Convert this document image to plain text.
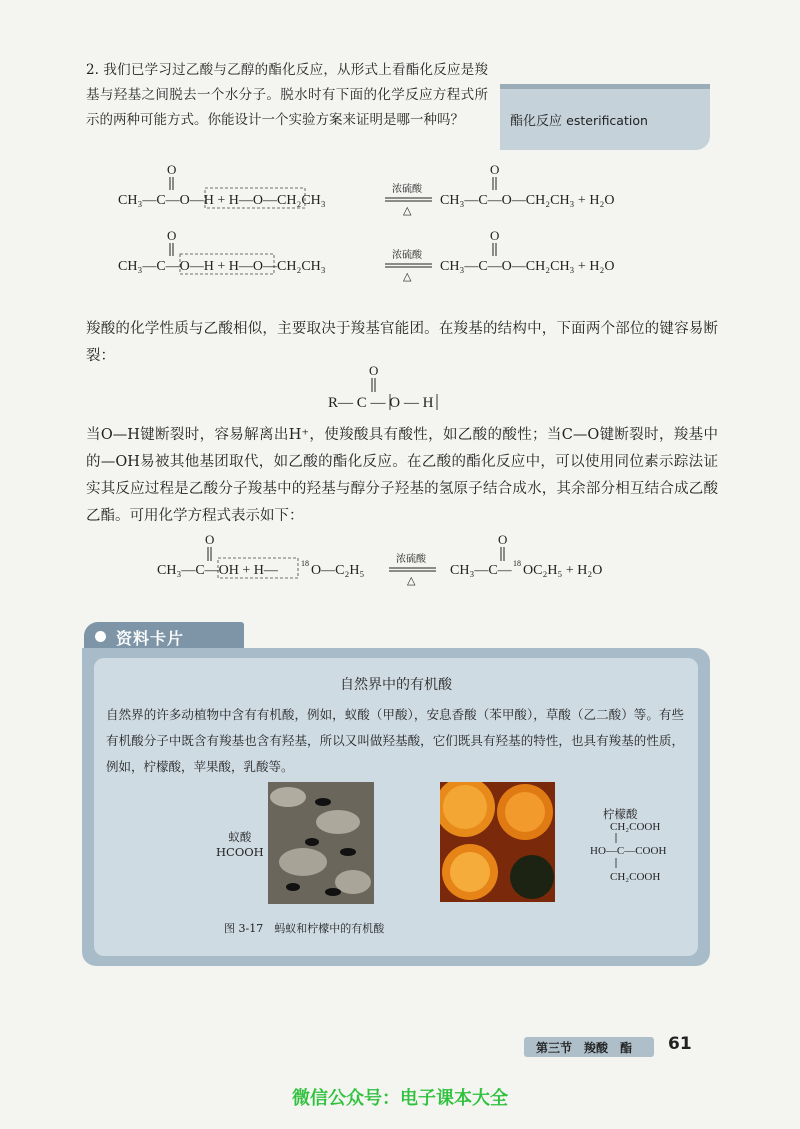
2. 我们已学习过乙酸与乙醇的酯化反应，从形式上看酯化反应是羧基与羟基之间脱去一个水分子。脱水时有下面的化学反应方程式所示的两种可能方式。你能设计一个实验方案来证明是哪一种吗？	酯化反应 esterification
O
CH₃—C—O—H + H—O—CH₂CH₃
浓硫酸
△
O
CH₃—C—O—CH₂CH₃ + H₂O
O
CH₃—C—O—H + H—O—CH₂CH₃
浓硫酸
△
O
CH₃—C—O—CH₂CH₃ + H₂O
O
R— C — O — H
O
CH₃—C—OH + H—	18 O—C₂H₅
浓硫酸
△
O
CH₃—C— 18 OC₂H₅ + H₂O
羧酸的化学性质与乙酸相似，主要取决于羧基官能团。在羧基的结构中，下面两个部位的键容易断裂：
当O—H键断裂时，容易解离出H⁺，使羧酸具有酸性，如乙酸的酸性；当C—O键断裂时，羧基中的—OH易被其他基团取代，如乙酸的酯化反应。在乙酸的酯化反应中，可以使用同位素示踪法证实其反应过程是乙酸分子羧基中的羟基与醇分子羟基的氢原子结合成水，其余部分相互结合成乙酸乙酯。可用化学方程式表示如下：
资料卡片
自然界中的有机酸
自然界的许多动植物中含有有机酸，例如，蚁酸（甲酸），安息香酸（苯甲酸），草酸（乙二酸）等。有些有机酸分子中既含有羧基也含有羟基，所以又叫做羟基酸，它们既具有羟基的特性，也具有羧基的性质，例如，柠檬酸，苹果酸，乳酸等。
蚁酸
HCOOH
柠檬酸
CH₂COOH
HO—C—COOH
CH₂COOH
图 3-17　蚂蚁和柠檬中的有机酸
第三节　羧酸　酯 61
微信公众号：电子课本大全
